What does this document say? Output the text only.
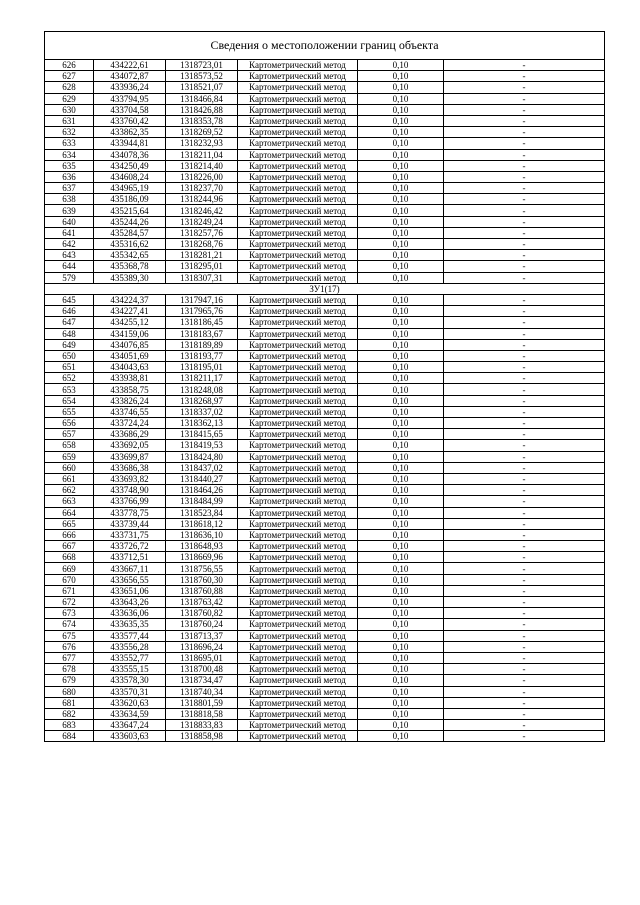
Сведения о местоположении границ объекта					
626	434222,61	1318723,01	Картометрический метод	0,10	-
627	434072,87	1318573,52	Картометрический метод	0,10	-
628	433936,24	1318521,07	Картометрический метод	0,10	-
629	433794,95	1318466,84	Картометрический метод	0,10	-
630	433704,58	1318426,88	Картометрический метод	0,10	-
631	433760,42	1318353,78	Картометрический метод	0,10	-
632	433862,35	1318269,52	Картометрический метод	0,10	-
633	433944,81	1318232,93	Картометрический метод	0,10	-
634	434078,36	1318211,04	Картометрический метод	0,10	-
635	434250,49	1318214,40	Картометрический метод	0,10	-
636	434608,24	1318226,00	Картометрический метод	0,10	-
637	434965,19	1318237,70	Картометрический метод	0,10	-
638	435186,09	1318244,96	Картометрический метод	0,10	-
639	435215,64	1318246,42	Картометрический метод	0,10	-
640	435244,26	1318249,24	Картометрический метод	0,10	-
641	435284,57	1318257,76	Картометрический метод	0,10	-
642	435316,62	1318268,76	Картометрический метод	0,10	-
643	435342,65	1318281,21	Картометрический метод	0,10	-
644	435368,78	1318295,01	Картометрический метод	0,10	-
579	435389,30	1318307,31	Картометрический метод	0,10	-
ЗУ1(17)					
645	434224,37	1317947,16	Картометрический метод	0,10	-
646	434227,41	1317965,76	Картометрический метод	0,10	-
647	434255,12	1318186,45	Картометрический метод	0,10	-
648	434159,06	1318183,67	Картометрический метод	0,10	-
649	434076,85	1318189,89	Картометрический метод	0,10	-
650	434051,69	1318193,77	Картометрический метод	0,10	-
651	434043,63	1318195,01	Картометрический метод	0,10	-
652	433938,81	1318211,17	Картометрический метод	0,10	-
653	433858,75	1318248,08	Картометрический метод	0,10	-
654	433826,24	1318268,97	Картометрический метод	0,10	-
655	433746,55	1318337,02	Картометрический метод	0,10	-
656	433724,24	1318362,13	Картометрический метод	0,10	-
657	433686,29	1318415,65	Картометрический метод	0,10	-
658	433692,05	1318419,53	Картометрический метод	0,10	-
659	433699,87	1318424,80	Картометрический метод	0,10	-
660	433686,38	1318437,02	Картометрический метод	0,10	-
661	433693,82	1318440,27	Картометрический метод	0,10	-
662	433748,90	1318464,26	Картометрический метод	0,10	-
663	433766,99	1318484,99	Картометрический метод	0,10	-
664	433778,75	1318523,84	Картометрический метод	0,10	-
665	433739,44	1318618,12	Картометрический метод	0,10	-
666	433731,75	1318636,10	Картометрический метод	0,10	-
667	433726,72	1318648,93	Картометрический метод	0,10	-
668	433712,51	1318669,96	Картометрический метод	0,10	-
669	433667,11	1318756,55	Картометрический метод	0,10	-
670	433656,55	1318760,30	Картометрический метод	0,10	-
671	433651,06	1318760,88	Картометрический метод	0,10	-
672	433643,26	1318763,42	Картометрический метод	0,10	-
673	433636,06	1318760,82	Картометрический метод	0,10	-
674	433635,35	1318760,24	Картометрический метод	0,10	-
675	433577,44	1318713,37	Картометрический метод	0,10	-
676	433556,28	1318696,24	Картометрический метод	0,10	-
677	433552,77	1318695,01	Картометрический метод	0,10	-
678	433555,15	1318700,48	Картометрический метод	0,10	-
679	433578,30	1318734,47	Картометрический метод	0,10	-
680	433570,31	1318740,34	Картометрический метод	0,10	-
681	433620,63	1318801,59	Картометрический метод	0,10	-
682	433634,59	1318818,58	Картометрический метод	0,10	-
683	433647,24	1318833,83	Картометрический метод	0,10	-
684	433603,63	1318858,98	Картометрический метод	0,10	-
